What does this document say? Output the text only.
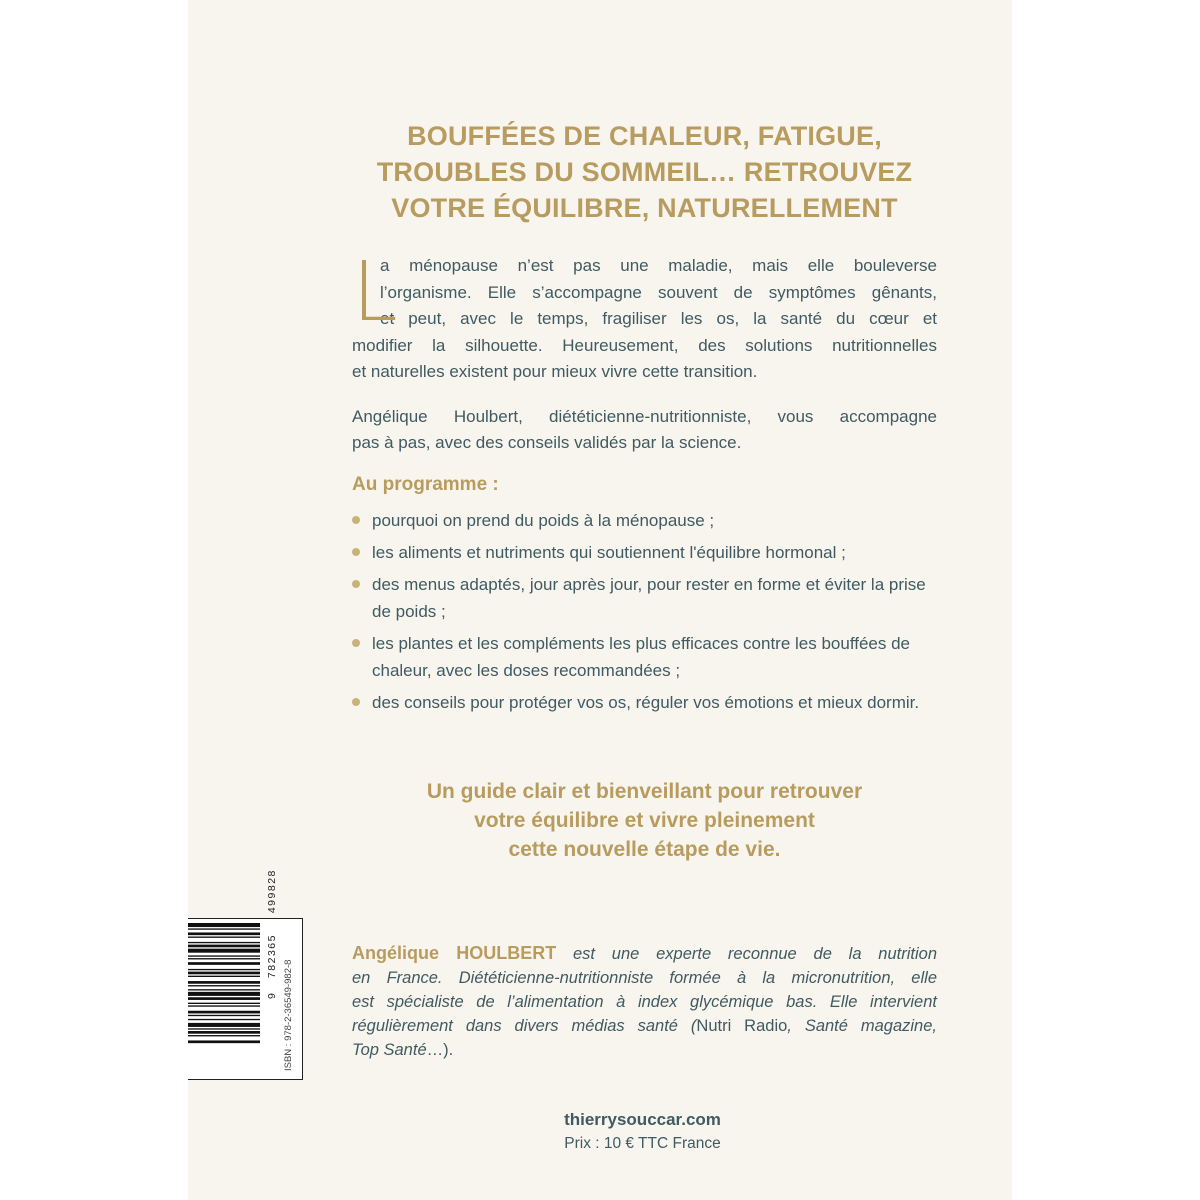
BOUFFÉES DE CHALEUR, FATIGUE,
TROUBLES DU SOMMEIL… RETROUVEZ
VOTRE ÉQUILIBRE, NATURELLEMENT
L
a ménopause n’est pas une maladie, mais elle bouleverse
l’organisme. Elle s’accompagne souvent de symptômes gênants,
et peut, avec le temps, fragiliser les os, la santé du cœur et
modifier la silhouette. Heureusement, des solutions nutritionnelles
et naturelles existent pour mieux vivre cette transition.
Angélique Houlbert, diététicienne-nutritionniste, vous accompagne
pas à pas, avec des conseils validés par la science.
Au programme :
pourquoi on prend du poids à la ménopause ;
les aliments et nutriments qui soutiennent l'équilibre hormonal ;
des menus adaptés, jour après jour, pour rester en forme et éviter la prise de poids ;
les plantes et les compléments les plus efficaces contre les bouffées de chaleur, avec les doses recommandées ;
des conseils pour protéger vos os, réguler vos émotions et mieux dormir.
Un guide clair et bienveillant pour retrouver
votre équilibre et vivre pleinement
cette nouvelle étape de vie.
9 782365 499828
ISBN : 978-2-36549-982-8
Angélique HOULBERT est une experte reconnue de la nutrition
en France. Diététicienne-nutritionniste formée à la micronutrition, elle
est spécialiste de l’alimentation à index glycémique bas. Elle intervient
régulièrement dans divers médias santé (Nutri Radio, Santé magazine,
Top Santé…).
thierrysouccar.com
Prix : 10 € TTC France
